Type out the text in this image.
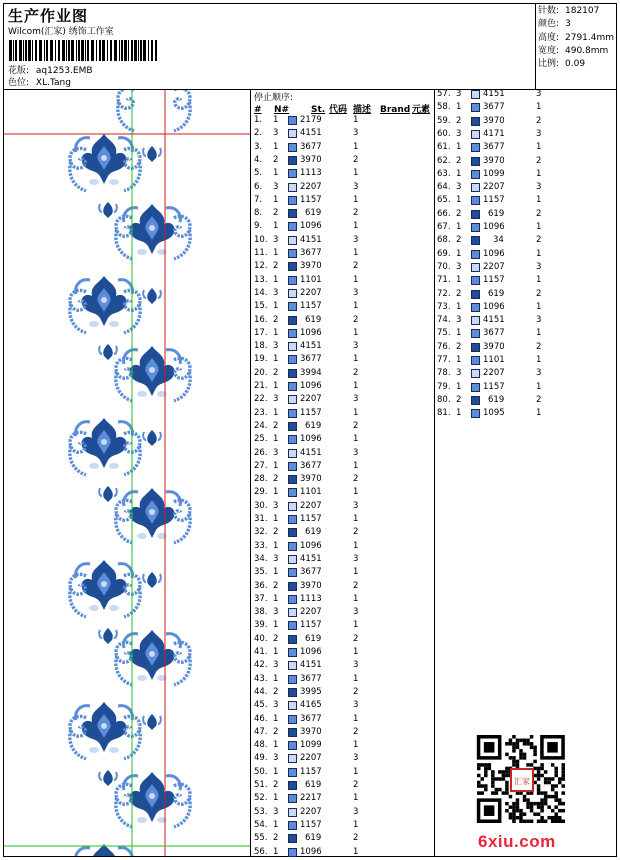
生产作业图
Wilcom(汇家) 绣饰工作室
花版: aq1253.EMB
色位: XL.Tang
针数: 182107
颜色: 3
高度: 2791.4mm
宽度: 490.8mm
比例: 0.09
停止顺序:
# N# St. 代码 描述 Brand 元素
1.	1	2179	1
2.	3	4151	3
3.	1	3677	1
4.	2	3970	2
5.	1	1113	1
6.	3	2207	3
7.	1	1157	1
8.	2	619	2
9.	1	1096	1
10. 3	4151	3
11. 1	3677	1
12. 2	3970	2
13. 1	1101	1
14. 3	2207	3
15. 1	1157	1
16. 2	619	2
17. 1	1096	1
18. 3	4151	3
19. 1	3677	1
20. 2	3994	2
21. 1	1096	1
22. 3	2207	3
23. 1	1157	1
24. 2	619	2
25. 1	1096	1
26. 3	4151	3
27. 1	3677	1
28. 2	3970	2
29. 1	1101	1
30. 3	2207	3
31. 1	1157	1
32. 2	619	2
33. 1	1096	1
34. 3	4151	3
35. 1	3677	1
36. 2	3970	2
37. 1	1113	1
38. 3	2207	3
39. 1	1157	1
40. 2	619	2
41. 1	1096	1
42. 3	4151	3
43. 1	3677	1
44. 2	3995	2
45. 3	4165	3
46. 1	3677	1
47. 2	3970	2
48. 1	1099	1
49. 3	2207	3
50. 1	1157	1
51. 2	619	2
52. 1	2217	1
53. 3	2207	3
54. 1	1157	1
55. 2	619	2
56. 1	1096	1
57. 3	4151	3
58. 1	3677	1
59. 2	3970	2
60. 3	4171	3
61. 1	3677	1
62. 2	3970	2
63. 1	1099	1
64. 3	2207	3
65. 1	1157	1
66. 2	619	2
67. 1	1096	1
68. 2	34	2
69. 1	1096	1
70. 3	2207	3
71. 1	1157	1
72. 2	619	2
73. 1	1096	1
74. 3	4151	3
75. 1	3677	1
76. 2	3970	2
77. 1	1101	1
78. 3	2207	3
79. 1	1157	1
80. 2	619	2
81. 1	1095	1
汇家
6xiu.com
